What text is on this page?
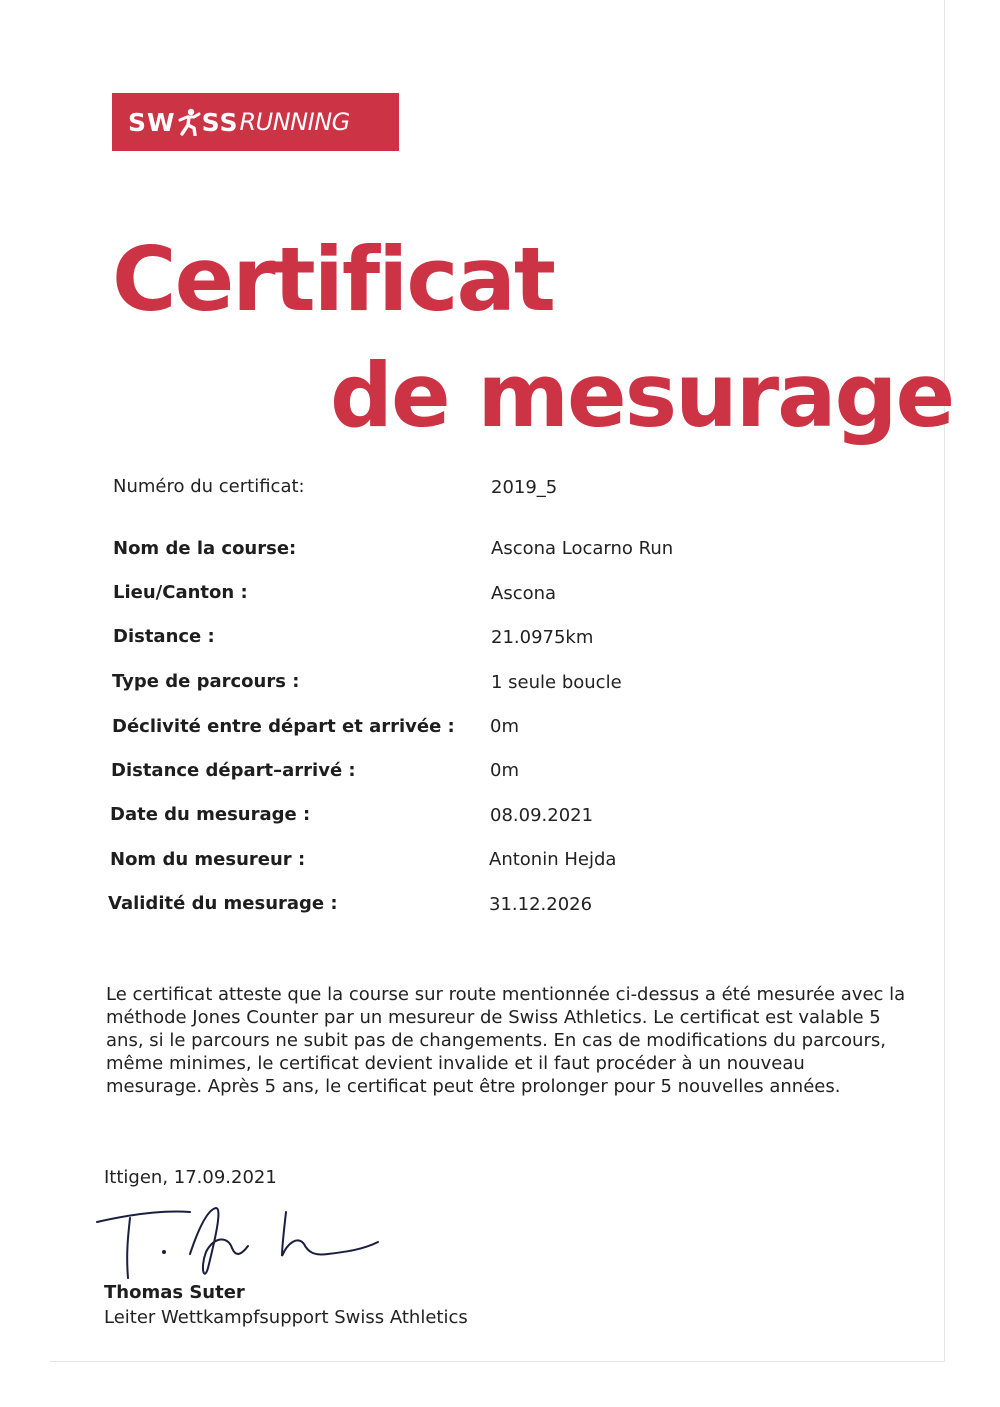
SW SS RUNNING
Certificat
de mesurage
Numéro du certificat:	2019_5
Nom de la course:	Ascona Locarno Run
Lieu/Canton :	Ascona
Distance :	21.0975km
Type de parcours :	1 seule boucle
Déclivité entre départ et arrivée : 0m
Distance départ–arrivé :	0m
Date du mesurage :	08.09.2021
Nom du mesureur :	Antonin Hejda
Validité du mesurage :	31.12.2026

Le certificat atteste que la course sur route mentionnée ci-dessus a été mesurée avec la méthode Jones Counter par un mesureur de Swiss Athletics. Le certificat est valable 5 ans, si le parcours ne subit pas de changements. En cas de modifications du parcours, même minimes, le certificat devient invalide et il faut procéder à un nouveau mesurage. Après 5 ans, le certificat peut être prolonger pour 5 nouvelles années.

Ittigen, 17.09.2021
Thomas Suter
Leiter Wettkampfsupport Swiss Athletics
